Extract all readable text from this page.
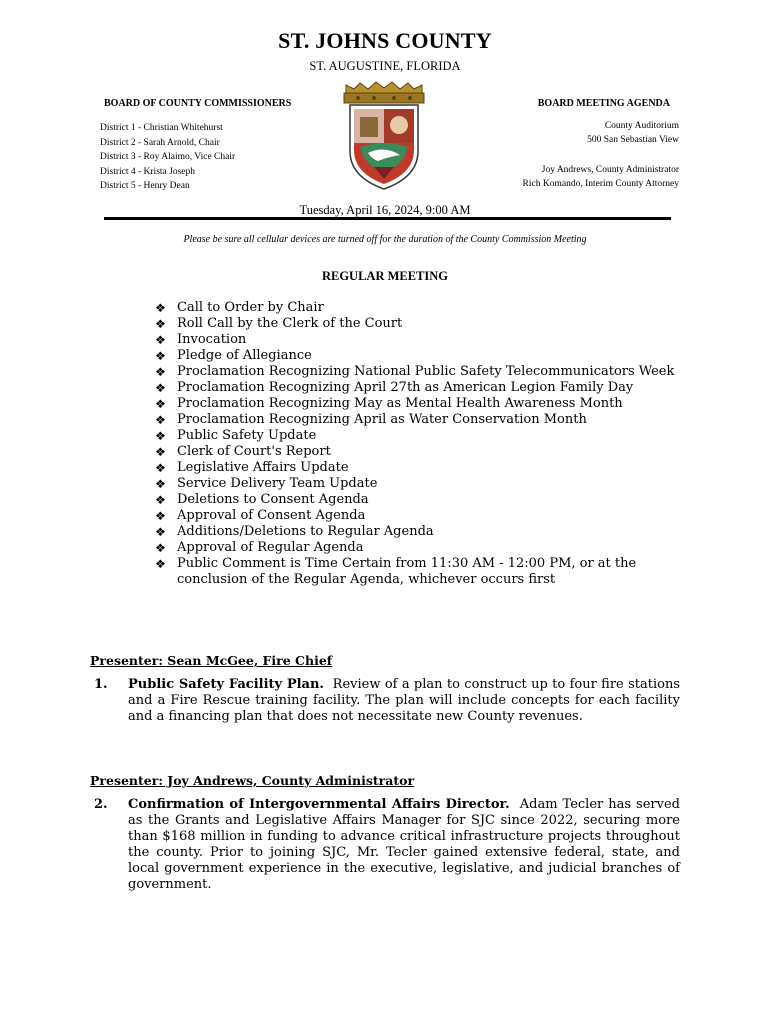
ST. JOHNS COUNTY
ST. AUGUSTINE, FLORIDA
BOARD OF COUNTY COMMISSIONERS	BOARD MEETING AGENDA
District 1 - Christian Whitehurst
District 2 - Sarah Arnold, Chair
District 3 - Roy Alaimo, Vice Chair
District 4 - Krista Joseph
District 5 - Henry Dean
County Auditorium
500 San Sebastian View
Joy Andrews, County Administrator
Rich Komando, Interim County Attorney
Tuesday, April 16, 2024, 9:00 AM
Please be sure all cellular devices are turned off for the duration of the County Commission Meeting
REGULAR MEETING
❖ Call to Order by Chair
❖ Roll Call by the Clerk of the Court
❖ Invocation
❖ Pledge of Allegiance
❖ Proclamation Recognizing National Public Safety Telecommunicators Week
❖ Proclamation Recognizing April 27th as American Legion Family Day
❖ Proclamation Recognizing May as Mental Health Awareness Month
❖ Proclamation Recognizing April as Water Conservation Month
❖ Public Safety Update
❖ Clerk of Court's Report
❖ Legislative Affairs Update
❖ Service Delivery Team Update
❖ Deletions to Consent Agenda
❖ Approval of Consent Agenda
❖ Additions/Deletions to Regular Agenda
❖ Approval of Regular Agenda
❖ Public Comment is Time Certain from 11:30 AM - 12:00 PM, or at the conclusion of the Regular Agenda, whichever occurs first
Presenter: Sean McGee, Fire Chief
1. Public Safety Facility Plan. Review of a plan to construct up to four fire stations and a Fire Rescue training facility. The plan will include concepts for each facility and a financing plan that does not necessitate new County revenues.
Presenter: Joy Andrews, County Administrator
2. Confirmation of Intergovernmental Affairs Director. Adam Tecler has served as the Grants and Legislative Affairs Manager for SJC since 2022, securing more than $168 million in funding to advance critical infrastructure projects throughout the county. Prior to joining SJC, Mr. Tecler gained extensive federal, state, and local government experience in the executive, legislative, and judicial branches of government.
